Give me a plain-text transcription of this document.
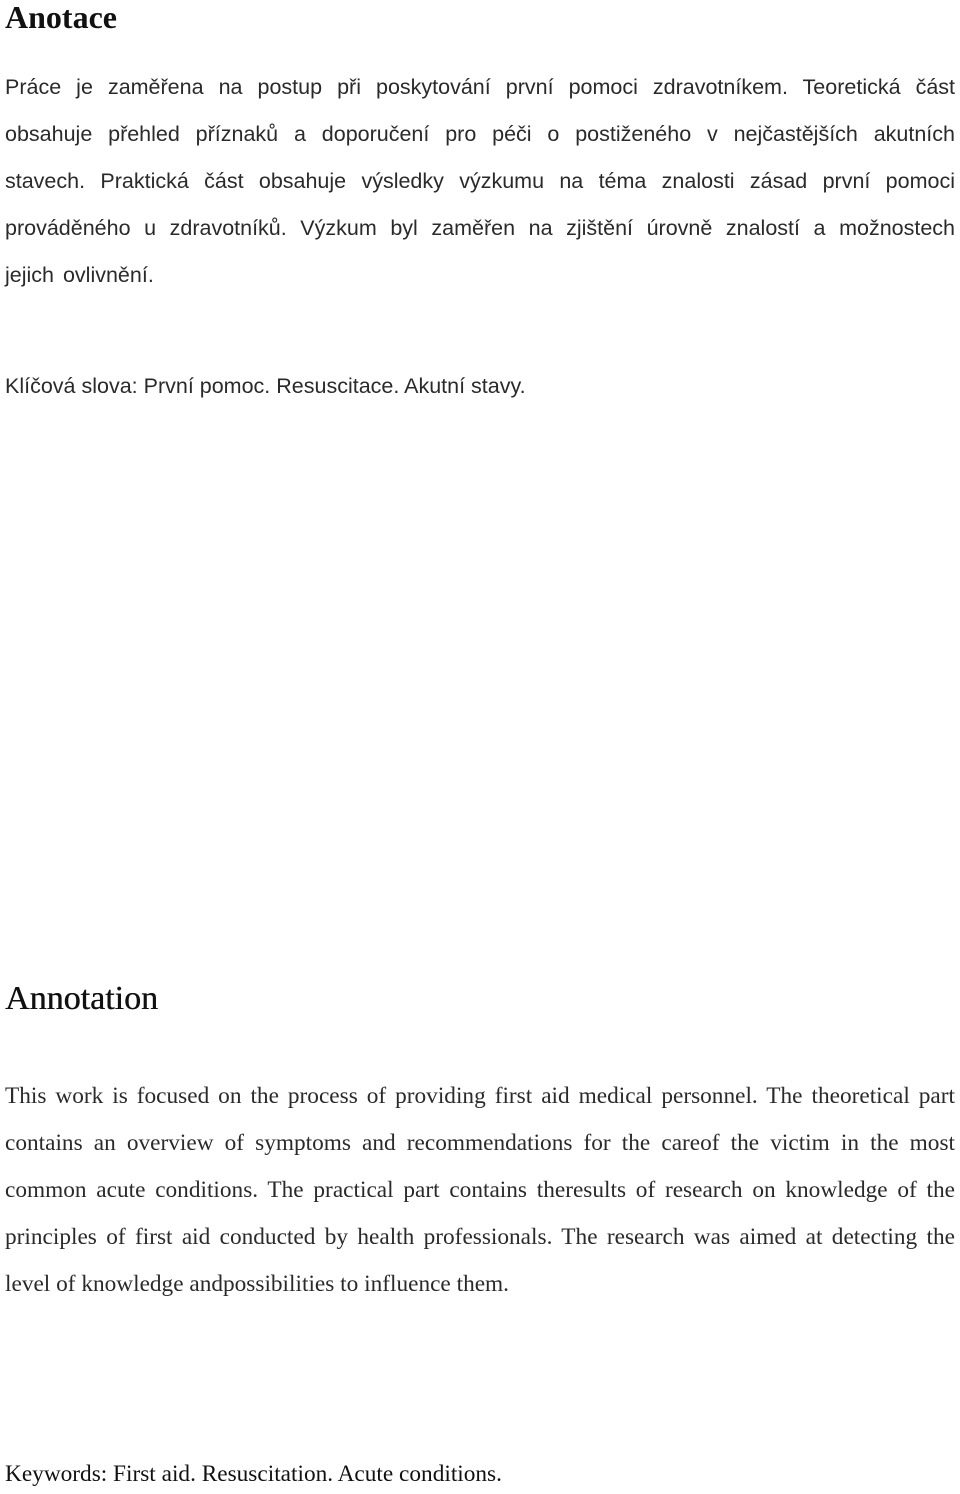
Anotace

Práce je zaměřena na postup při poskytování první pomoci zdravotníkem. Teoretická část obsahuje přehled příznaků a doporučení pro péči o postiženého v nejčastějších akutních stavech. Praktická část obsahuje výsledky výzkumu na téma znalosti zásad první pomoci prováděného u zdravotníků. Výzkum byl zaměřen na zjištění úrovně znalostí a možnostech jejich ovlivnění.

Klíčová slova: První pomoc. Resuscitace. Akutní stavy.

Annotation

This work is focused on the process of providing first aid medical personnel. The theoretical part contains an overview of symptoms and recommendations for the careof the victim in the most common acute conditions. The practical part contains theresults of research on knowledge of the principles of first aid conducted by health professionals. The research was aimed at detecting the level of knowledge andpossibilities to influence them.

Keywords: First aid. Resuscitation. Acute conditions.
